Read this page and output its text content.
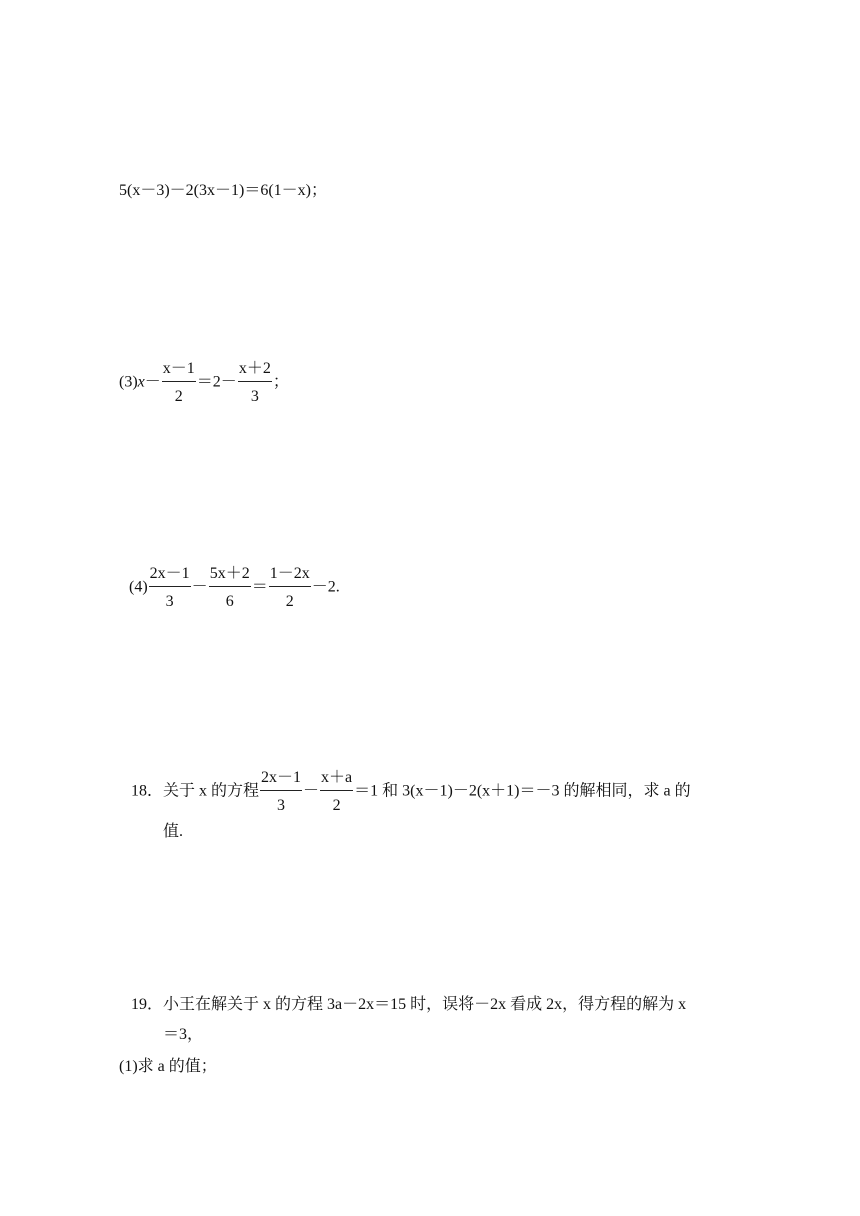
5(x－3)－2(3x－1)＝6(1－x)；
$(3)x- \frac{x-1}{2} =2- \frac{x+2}{3}$ ；
$(4) \frac{2x-1}{3} - \frac{5x+2}{6} = \frac{1-2x}{2} -2$.
18．关于 x 的方程 $\frac{2x-1}{3} - \frac{x+a}{2} =1$ 和 3(x－1)－2(x＋1)＝－3 的解相同，求 a 的
值.
19．小王在解关于 x 的方程 3a－2x＝15 时，误将－2x 看成 2x，得方程的解为 x
＝3，
(1)求 a 的值；
